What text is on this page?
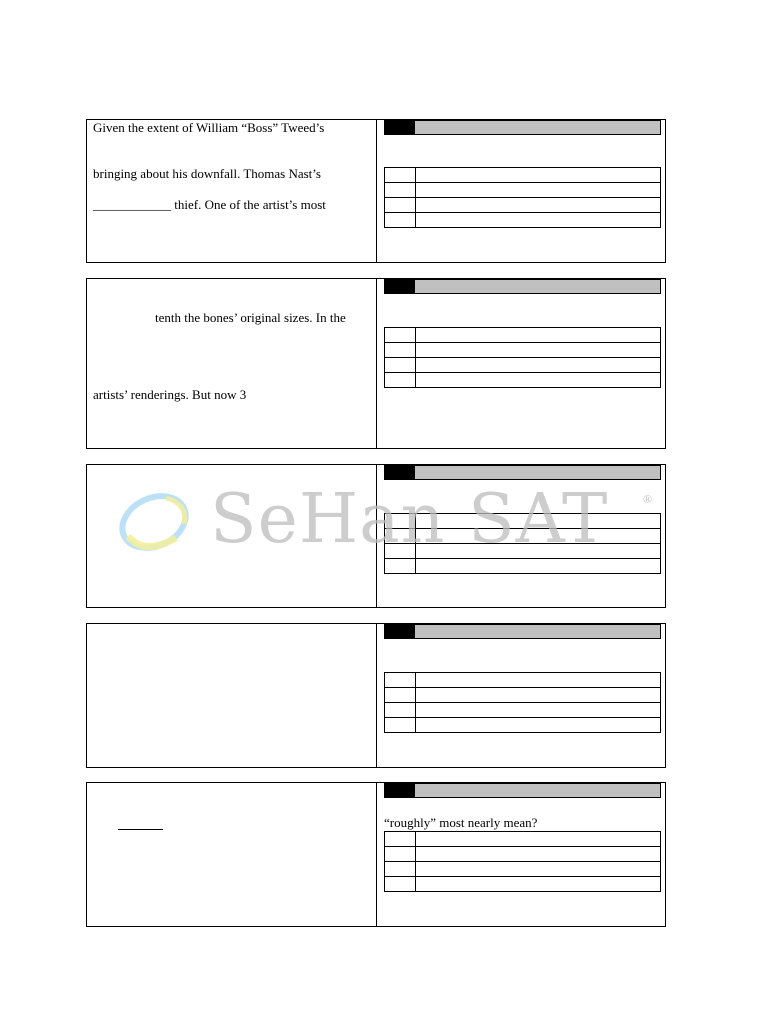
Given the extent of William “Boss” Tweed’s
bringing about his downfall. Thomas Nast’s
____________ thief. One of the artist’s most

tenth the bones’ original sizes. In the
artists’ renderings. But now 3

“roughly” most nearly mean?

SeHan SAT	®
